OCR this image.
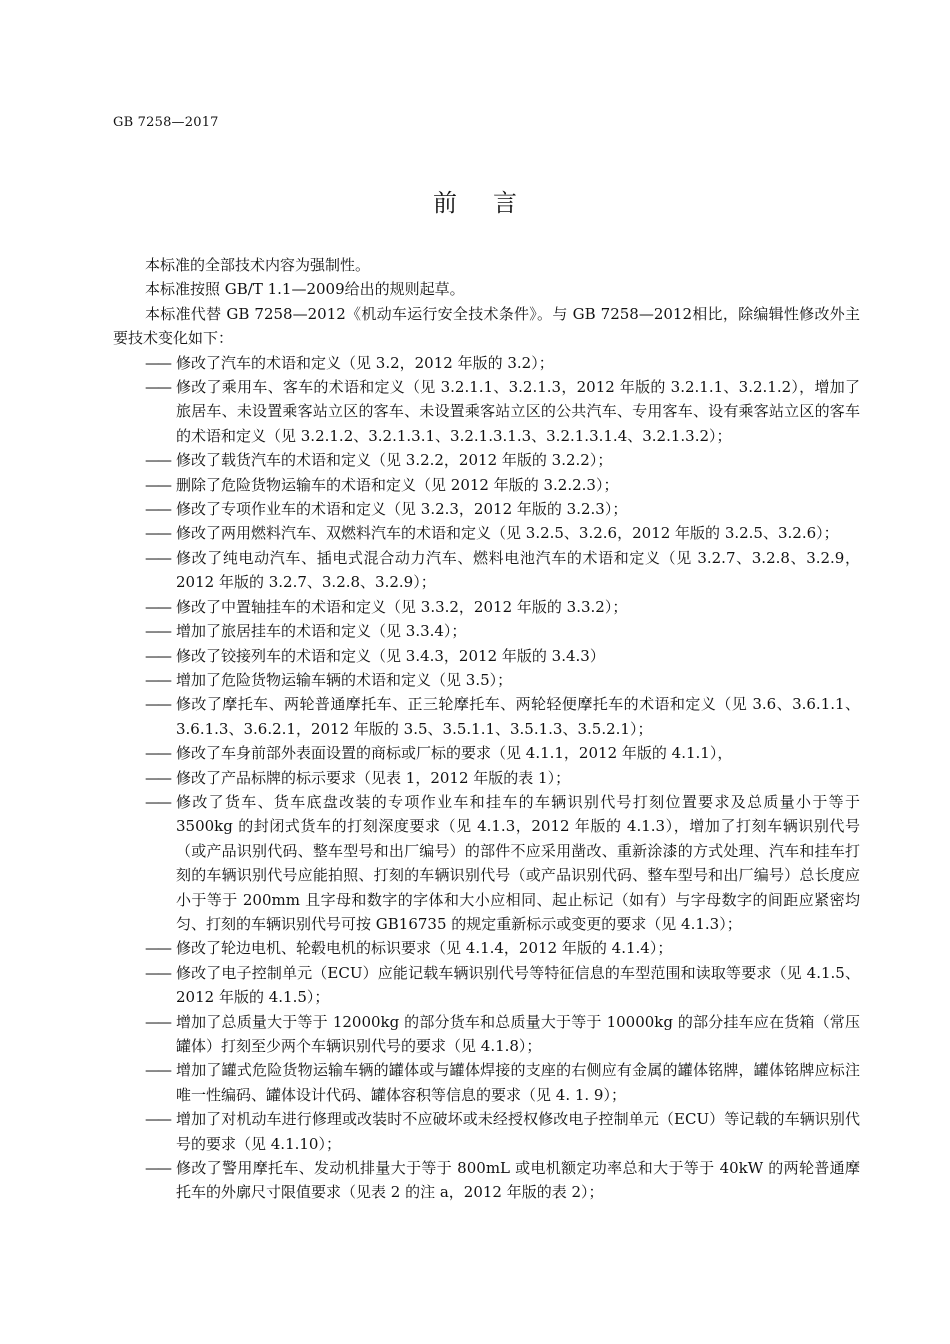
GB 7258—2017
前言

本标准的全部技术内容为强制性。

本标准按照 GB/T 1.1—2009给出的规则起草。

本标准代替 GB 7258—2012《机动车运行安全技术条件》。与 GB 7258—2012相比，除编辑性修改外主要技术变化如下：

—— 修改了汽车的术语和定义（见 3.2，2012 年版的 3.2）；
—— 修改了乘用车、客车的术语和定义（见 3.2.1.1、3.2.1.3，2012 年版的 3.2.1.1、3.2.1.2），增加了旅居车、未设置乘客站立区的客车、未设置乘客站立区的公共汽车、专用客车、设有乘客站立区的客车的术语和定义（见 3.2.1.2、3.2.1.3.1、3.2.1.3.1.3、3.2.1.3.1.4、3.2.1.3.2）；
—— 修改了载货汽车的术语和定义（见 3.2.2，2012 年版的 3.2.2）；
—— 删除了危险货物运输车的术语和定义（见 2012 年版的 3.2.2.3）；
—— 修改了专项作业车的术语和定义（见 3.2.3，2012 年版的 3.2.3）；
—— 修改了两用燃料汽车、双燃料汽车的术语和定义（见 3.2.5、3.2.6，2012 年版的 3.2.5、3.2.6）；
—— 修改了纯电动汽车、插电式混合动力汽车、燃料电池汽车的术语和定义（见 3.2.7、3.2.8、3.2.9，2012 年版的 3.2.7、3.2.8、3.2.9）；
—— 修改了中置轴挂车的术语和定义（见 3.3.2，2012 年版的 3.3.2）；
—— 增加了旅居挂车的术语和定义（见 3.3.4）；
—— 修改了铰接列车的术语和定义（见 3.4.3，2012 年版的 3.4.3）
—— 增加了危险货物运输车辆的术语和定义（见 3.5）；
—— 修改了摩托车、两轮普通摩托车、正三轮摩托车、两轮轻便摩托车的术语和定义（见 3.6、3.6.1.1、3.6.1.3、3.6.2.1，2012 年版的 3.5、3.5.1.1、3.5.1.3、3.5.2.1）；
—— 修改了车身前部外表面设置的商标或厂标的要求（见 4.1.1，2012 年版的 4.1.1），
—— 修改了产品标牌的标示要求（见表 1，2012 年版的表 1）；
—— 修改了货车、货车底盘改装的专项作业车和挂车的车辆识别代号打刻位置要求及总质量小于等于 3500kg 的封闭式货车的打刻深度要求（见 4.1.3，2012 年版的 4.1.3），增加了打刻车辆识别代号（或产品识别代码、整车型号和出厂编号）的部件不应采用凿改、重新涂漆的方式处理、汽车和挂车打刻的车辆识别代号应能拍照、打刻的车辆识别代号（或产品识别代码、整车型号和出厂编号）总长度应小于等于 200mm 且字母和数字的字体和大小应相同、起止标记（如有）与字母数字的间距应紧密均匀、打刻的车辆识别代号可按 GB16735 的规定重新标示或变更的要求（见 4.1.3）；
—— 修改了轮边电机、轮毂电机的标识要求（见 4.1.4，2012 年版的 4.1.4）；
—— 修改了电子控制单元（ECU）应能记载车辆识别代号等特征信息的车型范围和读取等要求（见 4.1.5、2012 年版的 4.1.5）；
—— 增加了总质量大于等于 12000kg 的部分货车和总质量大于等于 10000kg 的部分挂车应在货箱（常压罐体）打刻至少两个车辆识别代号的要求（见 4.1.8）；
—— 增加了罐式危险货物运输车辆的罐体或与罐体焊接的支座的右侧应有金属的罐体铭牌，罐体铭牌应标注唯一性编码、罐体设计代码、罐体容积等信息的要求（见 4. 1. 9）；
—— 增加了对机动车进行修理或改装时不应破坏或未经授权修改电子控制单元（ECU）等记载的车辆识别代号的要求（见 4.1.10）；
—— 修改了警用摩托车、发动机排量大于等于 800mL 或电机额定功率总和大于等于 40kW 的两轮普通摩托车的外廓尺寸限值要求（见表 2 的注 a，2012 年版的表 2）；
